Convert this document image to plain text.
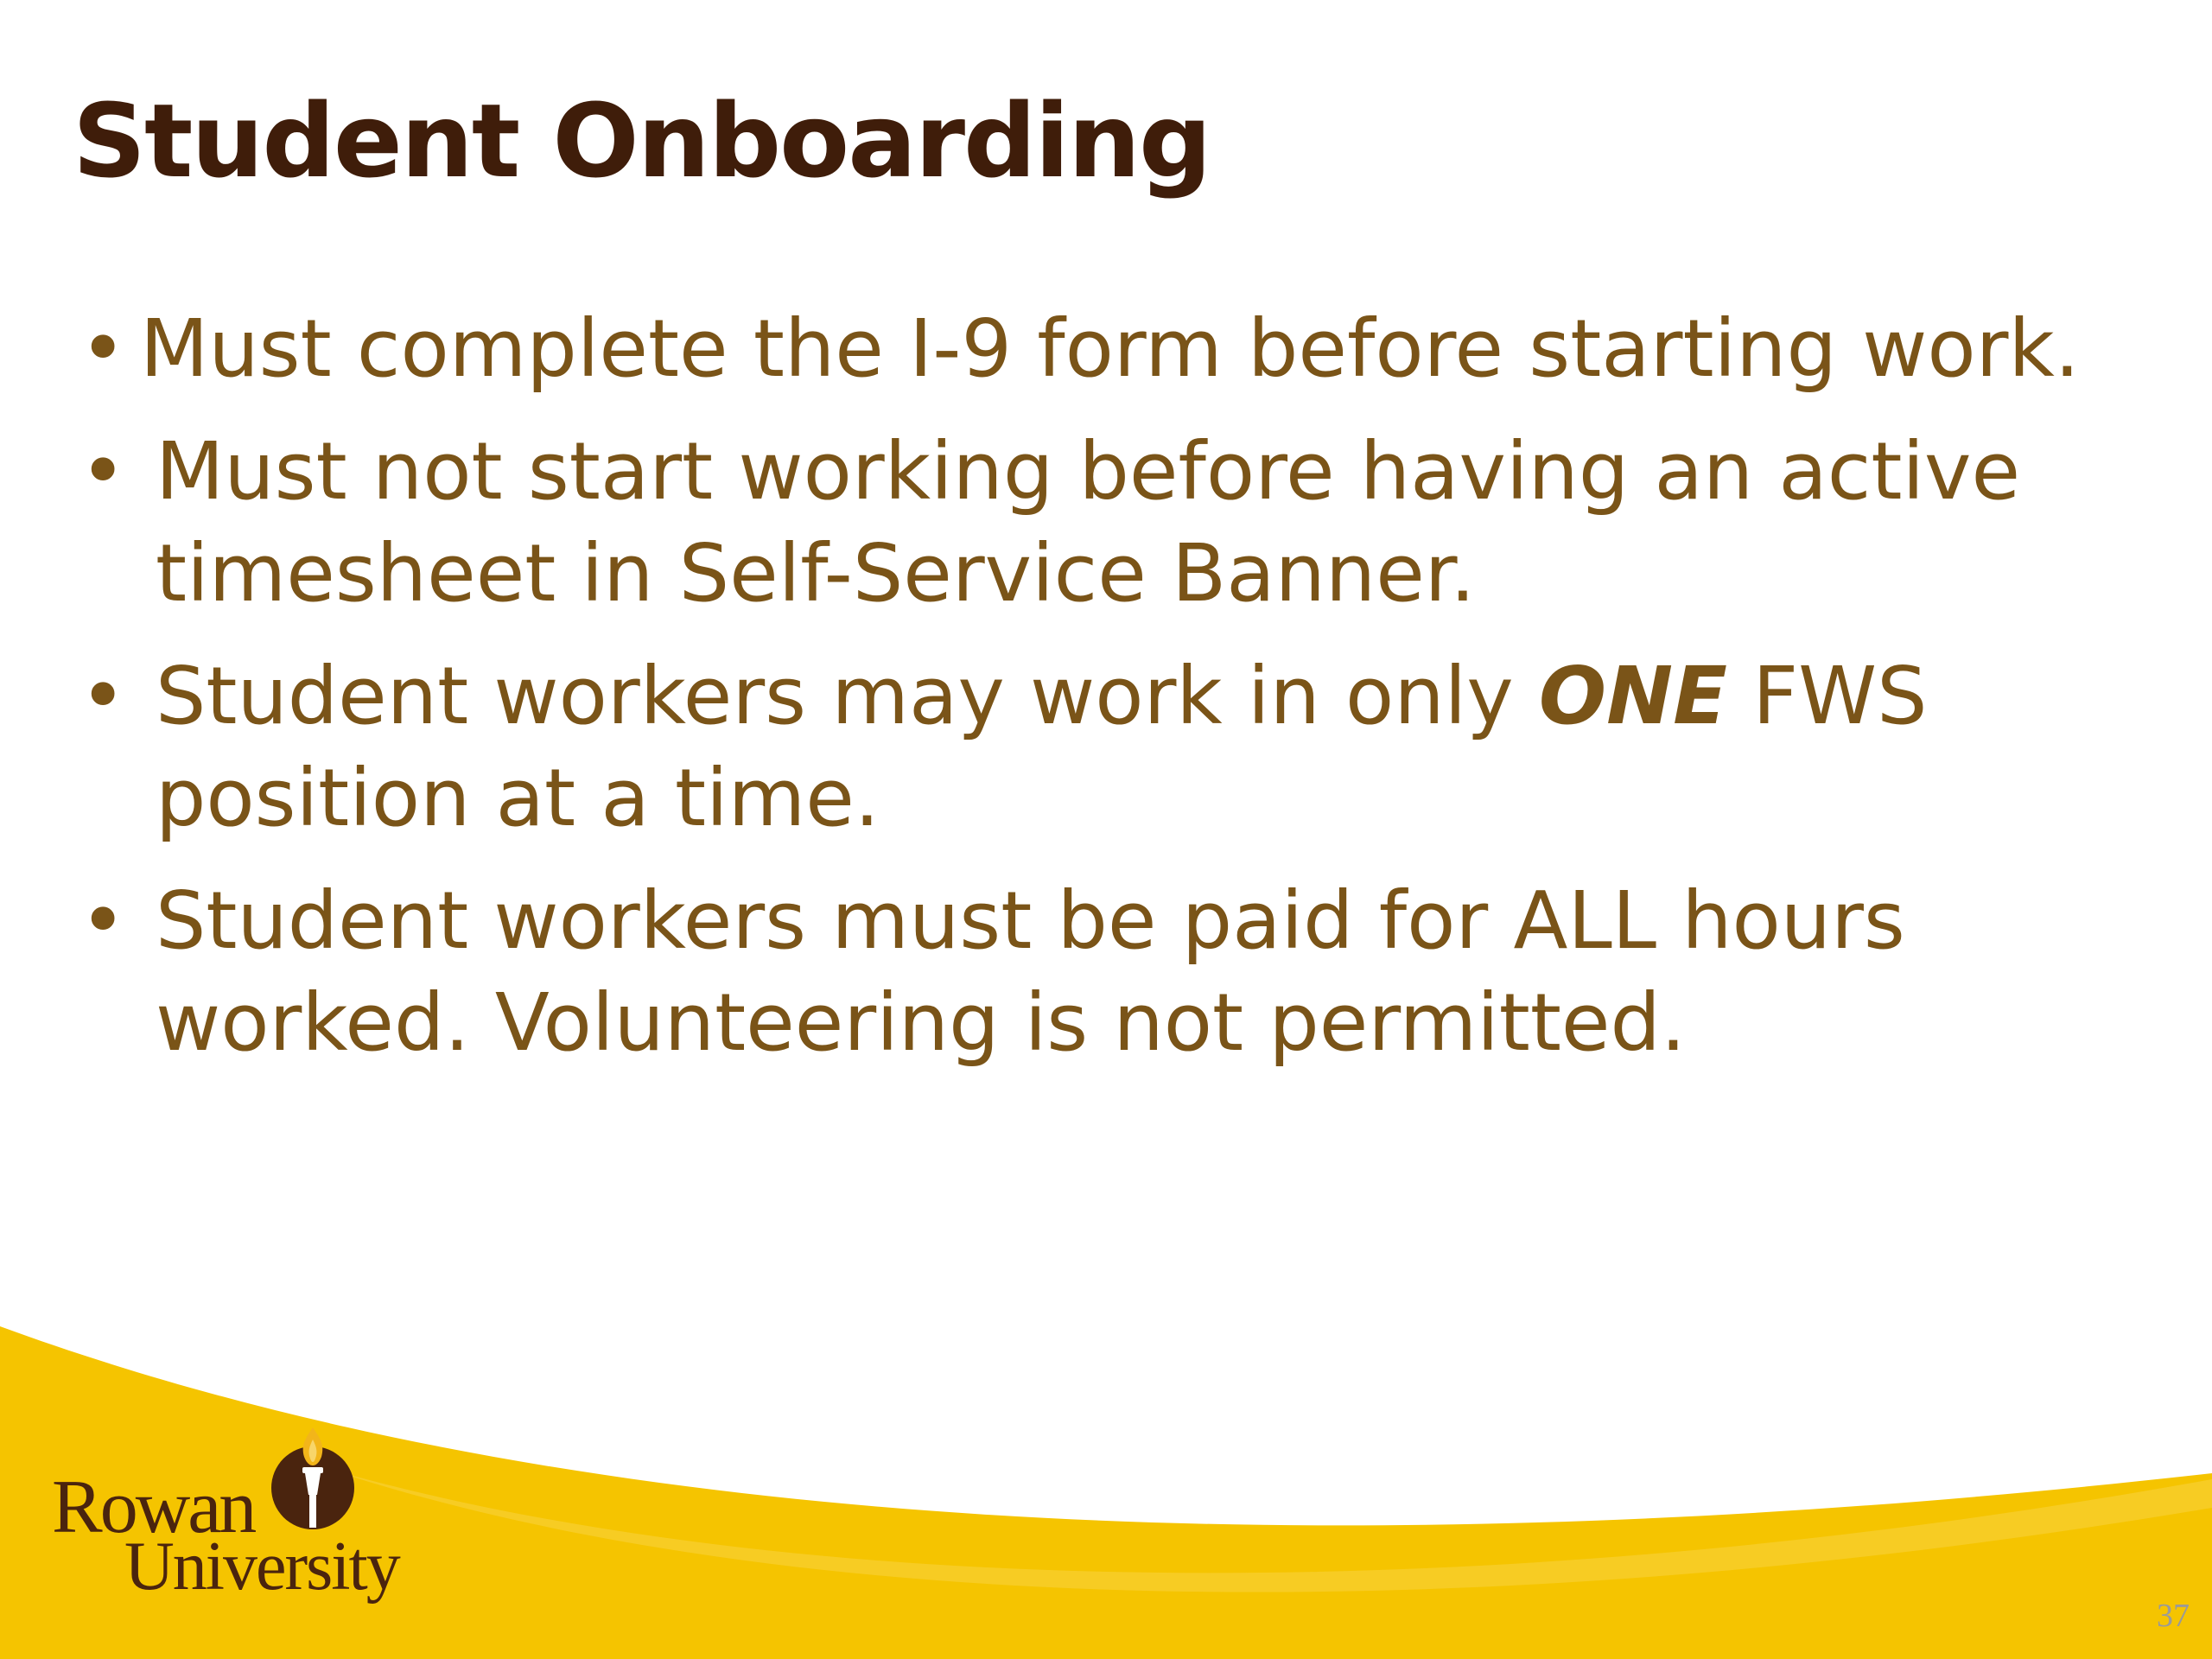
Student Onboarding
• Must complete the I-9 form before starting work.
• Must not start working before having an active timesheet in Self-Service Banner.
• Student workers may work in only ONE FWS position at a time.
• Student workers must be paid for ALL hours worked. Volunteering is not permitted.
Rowan
University
37
